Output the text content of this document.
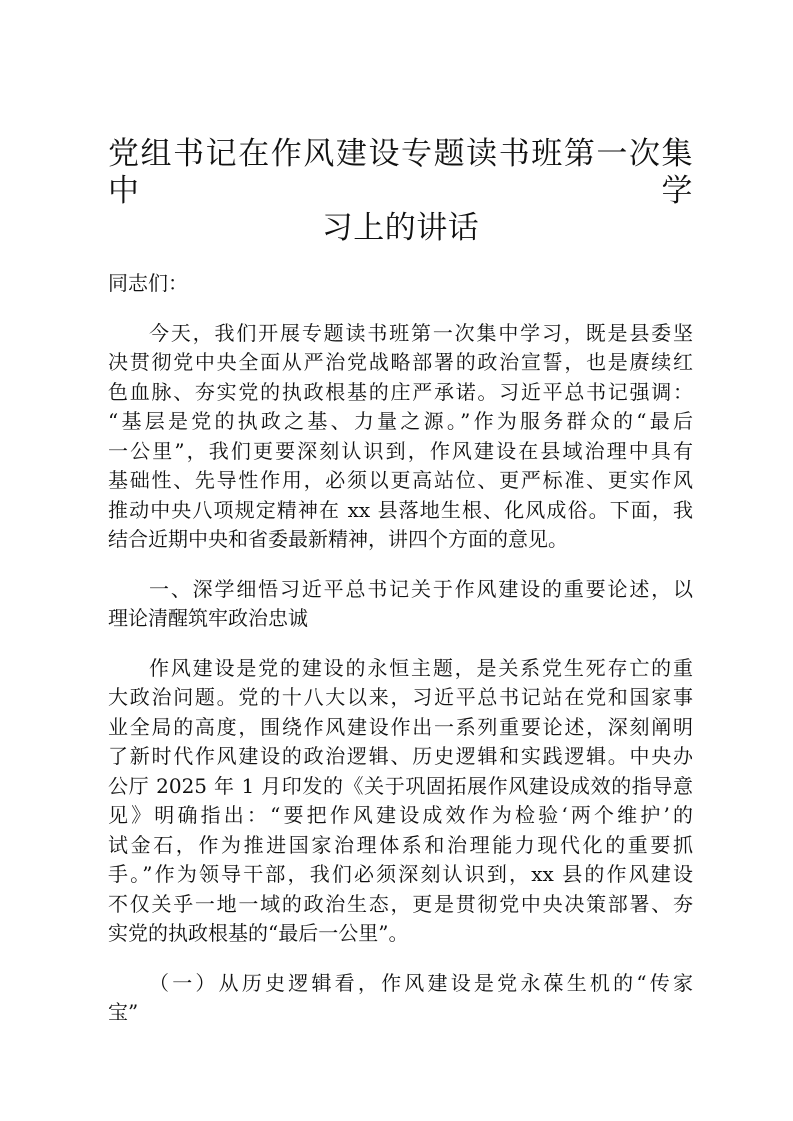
党组书记在作风建设专题读书班第一次集中学
习上的讲话
同志们：
今天，我们开展专题读书班第一次集中学习，既是县委坚
决贯彻党中央全面从严治党战略部署的政治宣誓，也是赓续红
色血脉、夯实党的执政根基的庄严承诺。习近平总书记强调：
“基层是党的执政之基、力量之源。”作为服务群众的“最后
一公里”，我们更要深刻认识到，作风建设在县域治理中具有
基础性、先导性作用，必须以更高站位、更严标准、更实作风
推动中央八项规定精神在 xx 县落地生根、化风成俗。下面，我
结合近期中央和省委最新精神，讲四个方面的意见。
一、深学细悟习近平总书记关于作风建设的重要论述，以
理论清醒筑牢政治忠诚
作风建设是党的建设的永恒主题，是关系党生死存亡的重
大政治问题。党的十八大以来，习近平总书记站在党和国家事
业全局的高度，围绕作风建设作出一系列重要论述，深刻阐明
了新时代作风建设的政治逻辑、历史逻辑和实践逻辑。中央办
公厅 2025 年 1 月印发的《关于巩固拓展作风建设成效的指导意
见》明确指出：“要把作风建设成效作为检验‘两个维护’的
试金石，作为推进国家治理体系和治理能力现代化的重要抓
手。”作为领导干部，我们必须深刻认识到，xx 县的作风建设
不仅关乎一地一域的政治生态，更是贯彻党中央决策部署、夯
实党的执政根基的“最后一公里”。
（一）从历史逻辑看，作风建设是党永葆生机的“传家
宝”
